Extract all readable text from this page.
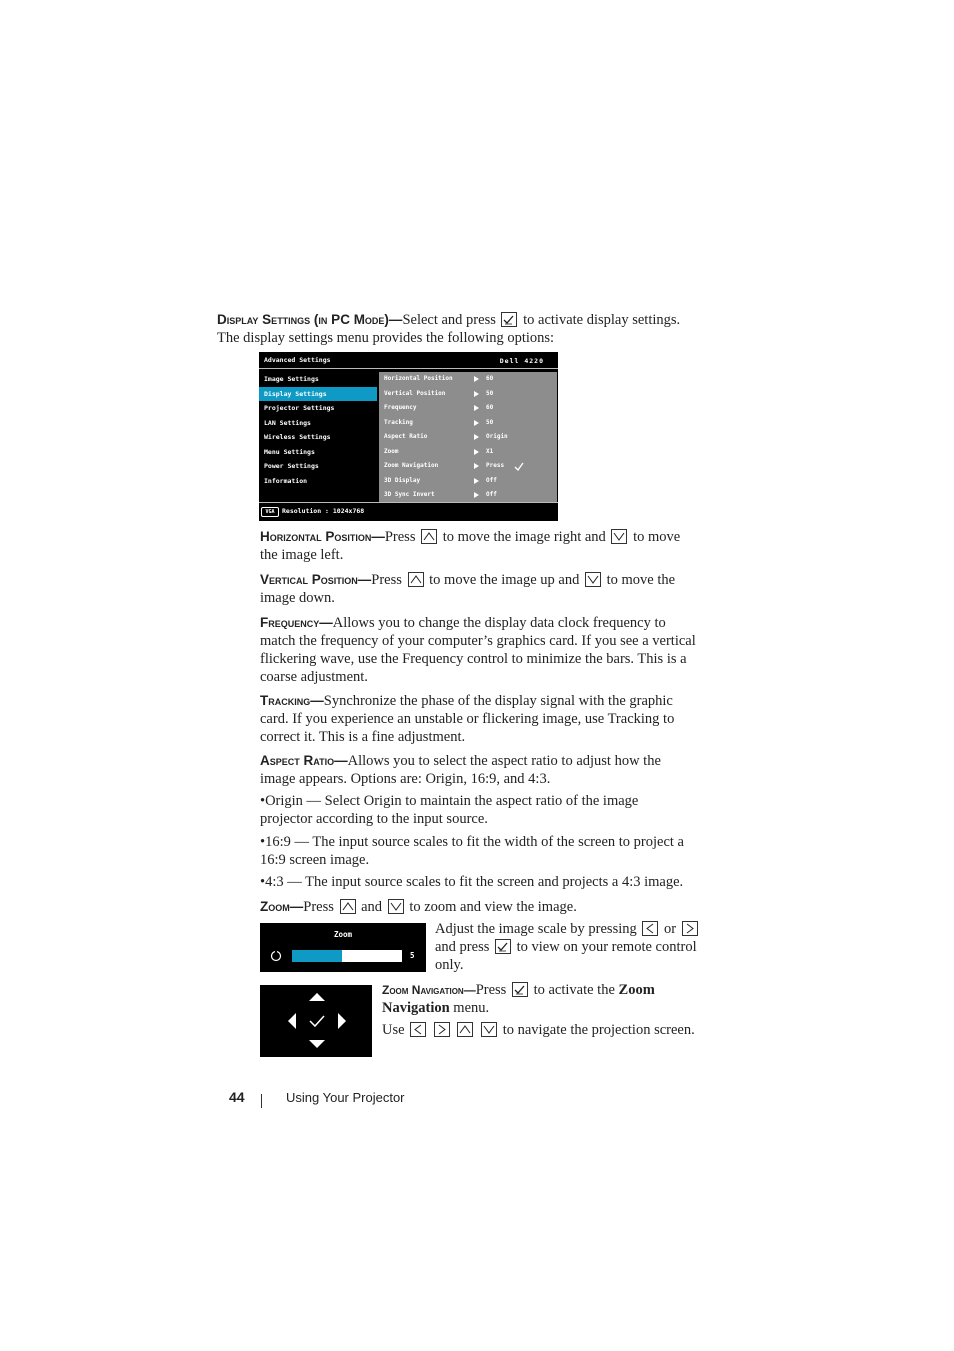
Display Settings (in PC Mode)—Select and press to activate display settings.
The display settings menu provides the following options:
Advanced Settings	Dell 4220
Image Settings
Display Settings
Projector Settings
LAN Settings
Wireless Settings
Menu Settings
Power Settings
Information
Horizontal Position	60
Vertical Position	50
Frequency	60
Tracking	50
Aspect Ratio	Origin
Zoom	X1
Zoom Navigation	Press
3D Display	Off
3D Sync Invert	Off
VGA	Resolution : 1024x768
Horizontal Position—Press to move the image right and to move
the image left.
Vertical Position—Press to move the image up and to move the
image down.
Frequency—Allows you to change the display data clock frequency to
match the frequency of your computer’s graphics card. If you see a vertical
flickering wave, use the Frequency control to minimize the bars. This is a
coarse adjustment.
Tracking—Synchronize the phase of the display signal with the graphic
card. If you experience an unstable or flickering image, use Tracking to
correct it. This is a fine adjustment.
Aspect Ratio—Allows you to select the aspect ratio to adjust how the
image appears. Options are: Origin, 16:9, and 4:3.
•Origin — Select Origin to maintain the aspect ratio of the image
projector according to the input source.
•16:9 — The input source scales to fit the width of the screen to project a
16:9 screen image.
•4:3 — The input source scales to fit the screen and projects a 4:3 image.
Zoom—Press and to zoom and view the image.
Zoom
5
Adjust the image scale by pressing or
and press to view on your remote control
only.
Zoom Navigation—Press to activate the Zoom
Navigation menu.
Use

	to navigate the projection screen.
44	Using Your Projector
